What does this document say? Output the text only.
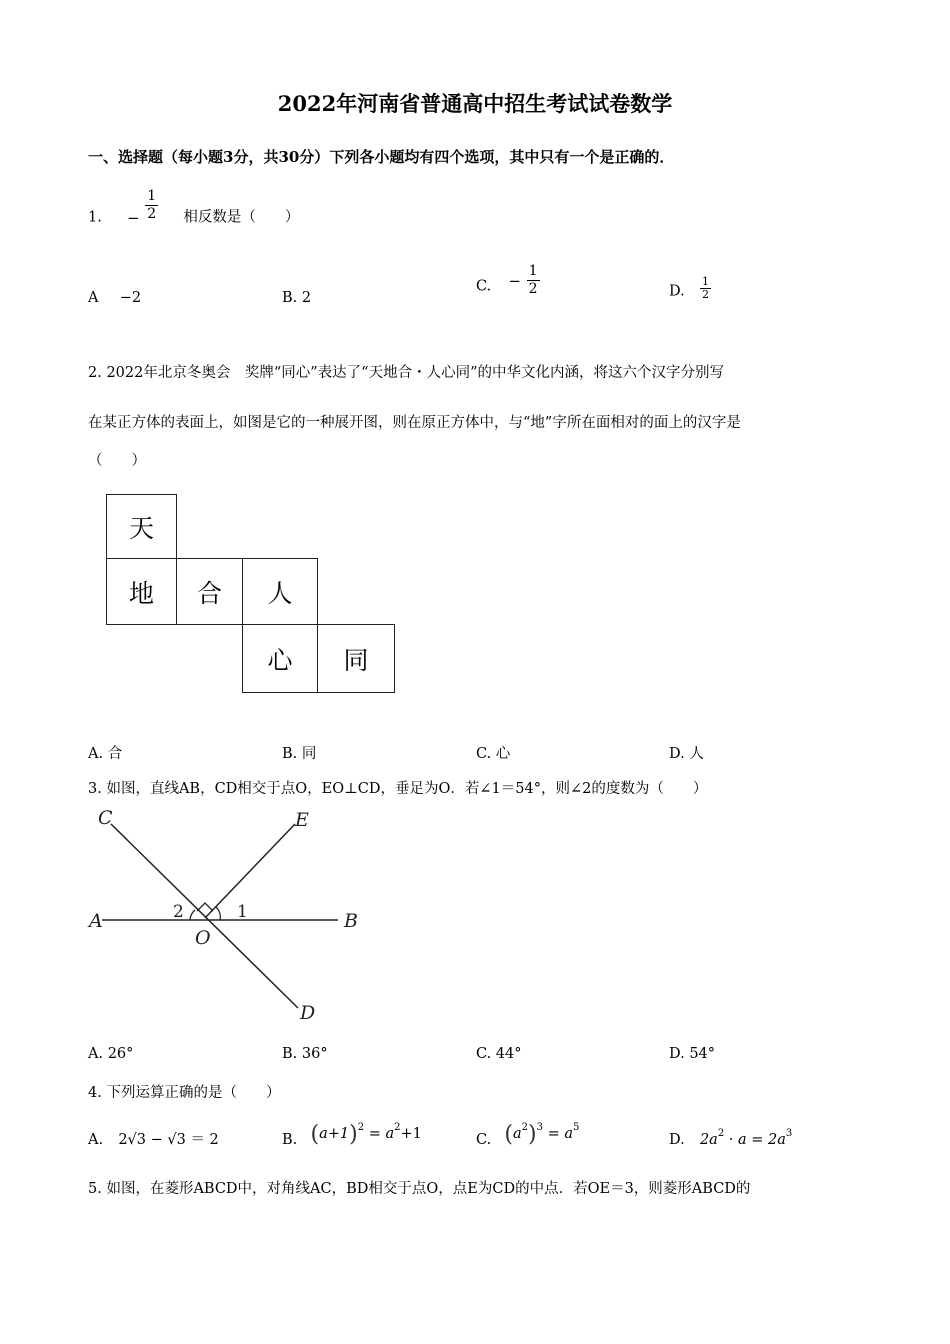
2022年河南省普通高中招生考试试卷数学
一、选择题（每小题3分，共30分）下列各小题均有四个选项，其中只有一个是正确的．
1. − $\frac{1}{2}$ 相反数是（　　）
A −2	B. 2
C. − $\frac{1}{2}$	D. $\frac{1}{2}$
2. 2022年北京冬奥会　奖牌“同心”表达了“天地合・人心同”的中华文化内涵，将这六个汉字分别写
在某正方体的表面上，如图是它的一种展开图，则在原正方体中，与“地”字所在面相对的面上的汉字是
（　　）
天
地	合	人
心	同
A. 合	B. 同	C. 心	D. 人
3. 如图，直线AB，CD相交于点O，EO⊥CD，垂足为O．若∠1＝54°，则∠2的度数为（　　）
C	E
A	B
O
D
2	1
A. 26°	B. 36°	C. 44°	D. 54°
4. 下列运算正确的是（　　）
A. 2√3 − √3 ＝ 2	B. $(a+1)^2 = a^2+1$	C. $(a^2)^3 = a^5$
D. $2a^2 \cdot a = 2a^3$
5. 如图，在菱形ABCD中，对角线AC，BD相交于点O，点E为CD的中点．若OE＝3，则菱形ABCD的
